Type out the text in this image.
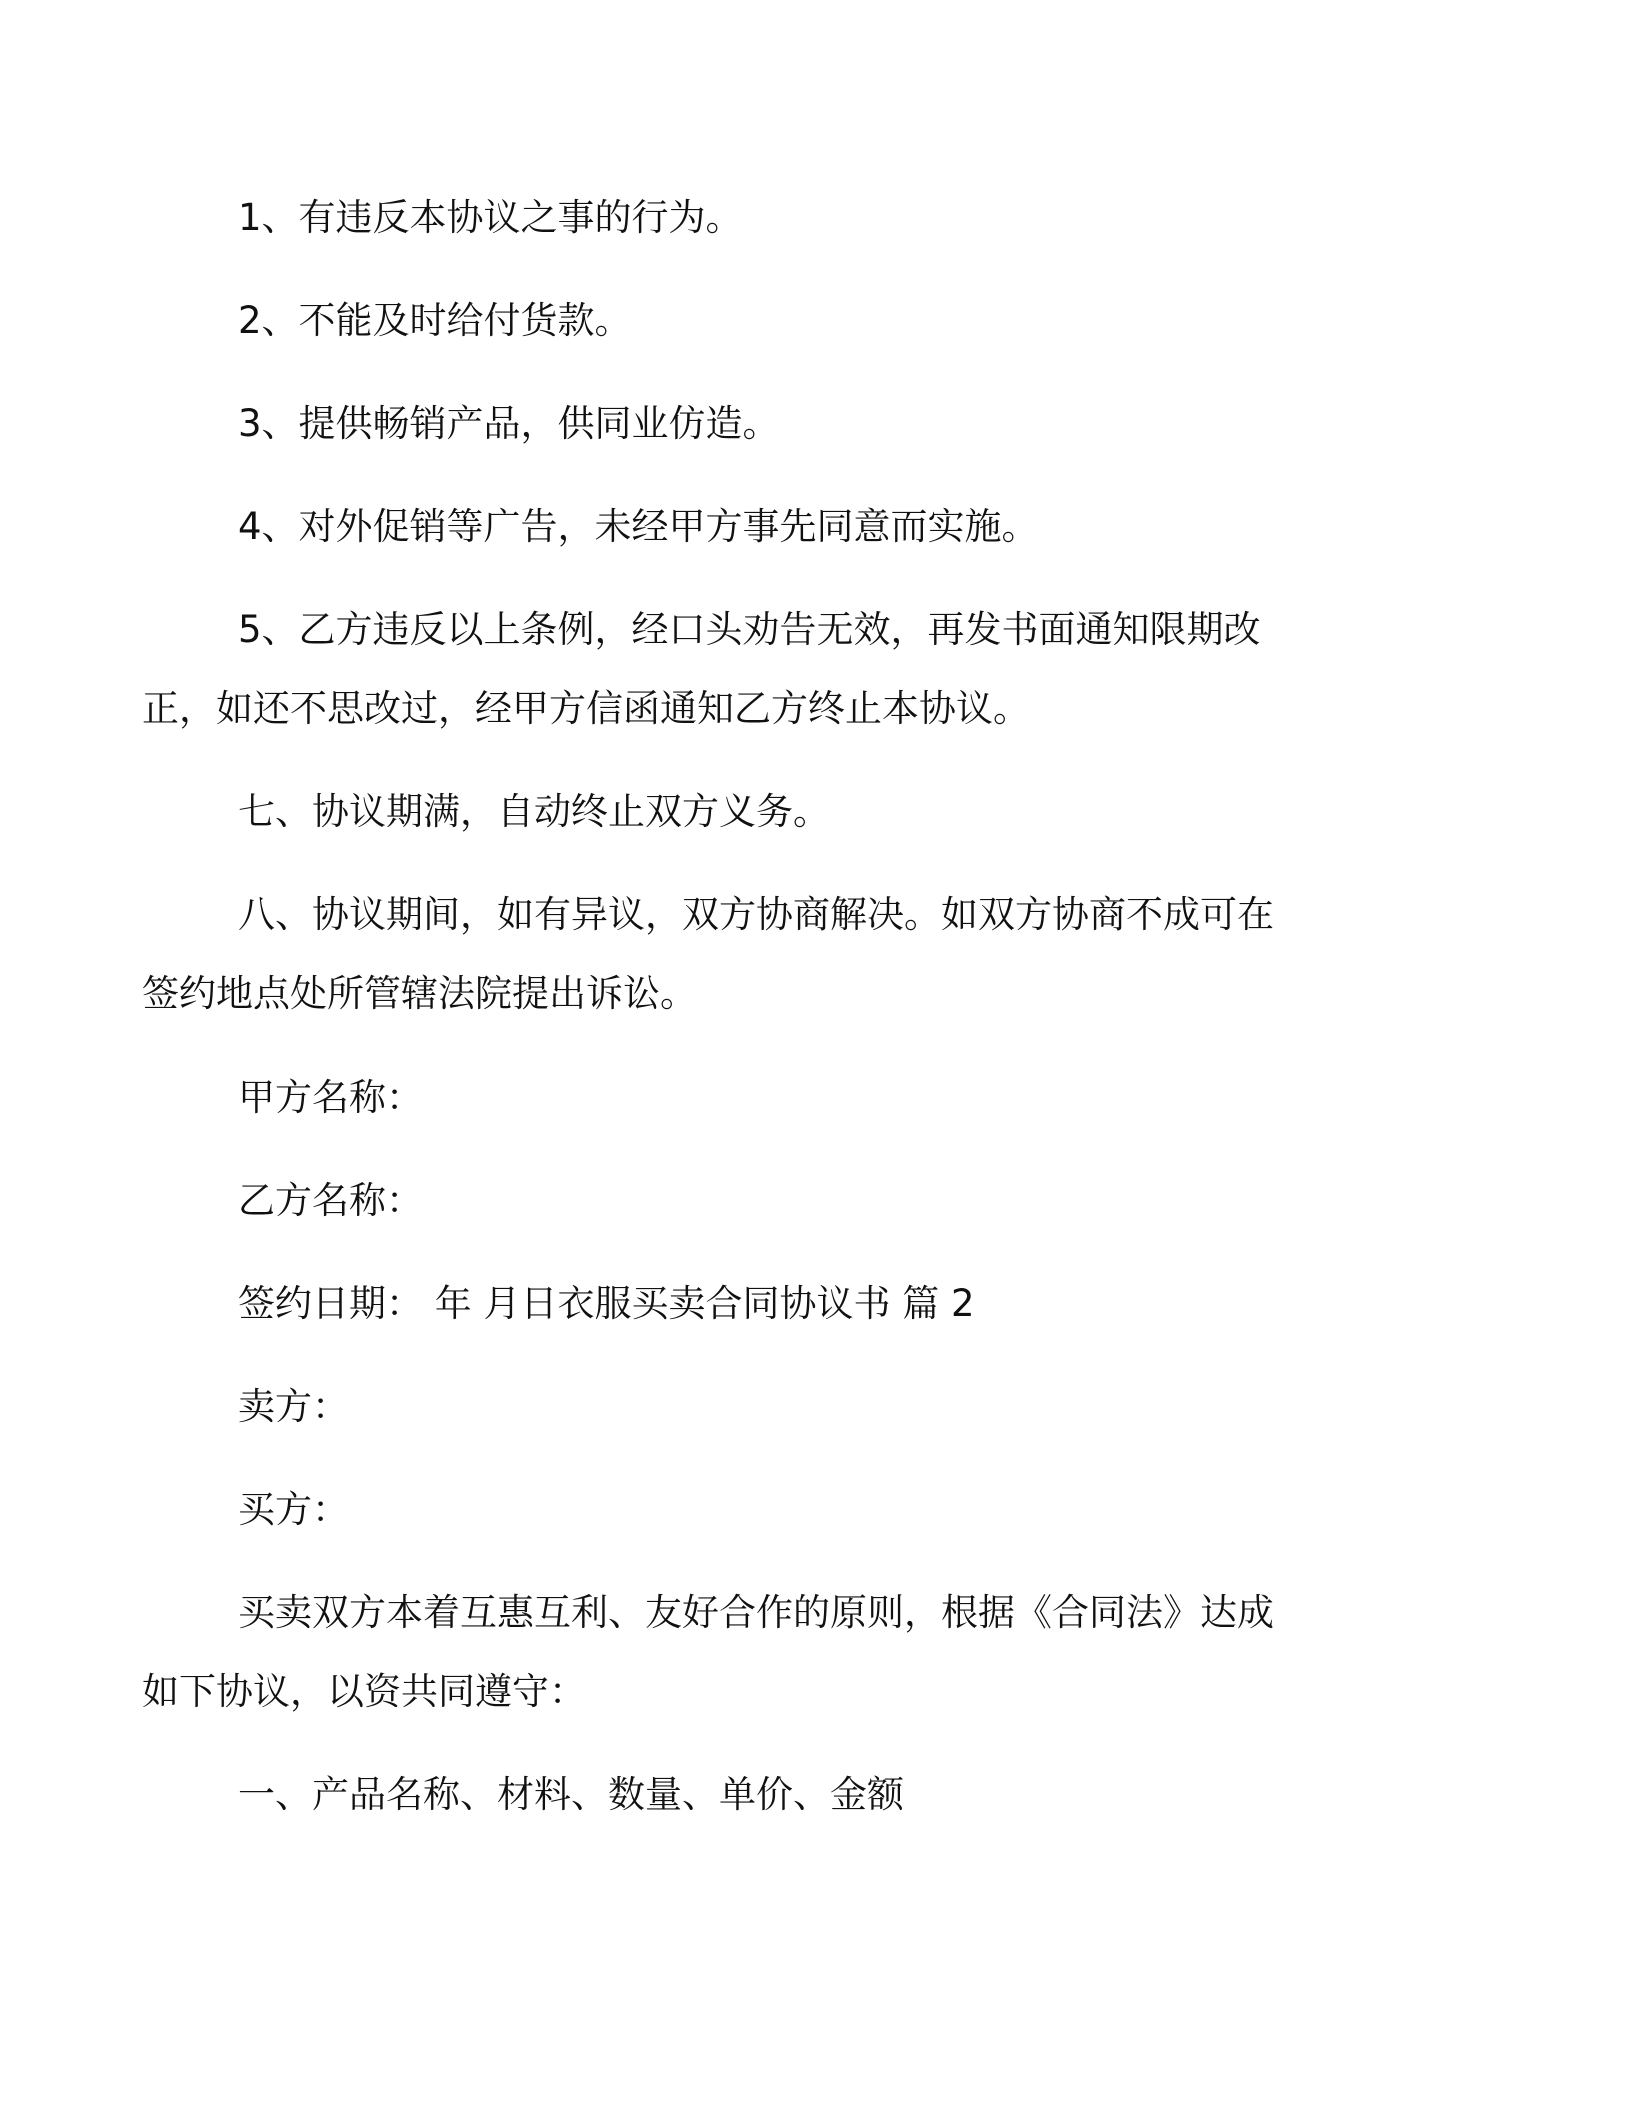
1、有违反本协议之事的行为。
2、不能及时给付货款。
3、提供畅销产品，供同业仿造。
4、对外促销等广告，未经甲方事先同意而实施。
5、乙方违反以上条例，经口头劝告无效，再发书面通知限期改
正，如还不思改过，经甲方信函通知乙方终止本协议。
七、协议期满，自动终止双方义务。
八、协议期间，如有异议，双方协商解决。如双方协商不成可在
签约地点处所管辖法院提出诉讼。
甲方名称：
乙方名称：
签约日期： 年 月日衣服买卖合同协议书 篇 2
卖方：
买方：
买卖双方本着互惠互利、友好合作的原则，根据《合同法》达成
如下协议，以资共同遵守：
一、产品名称、材料、数量、单价、金额
